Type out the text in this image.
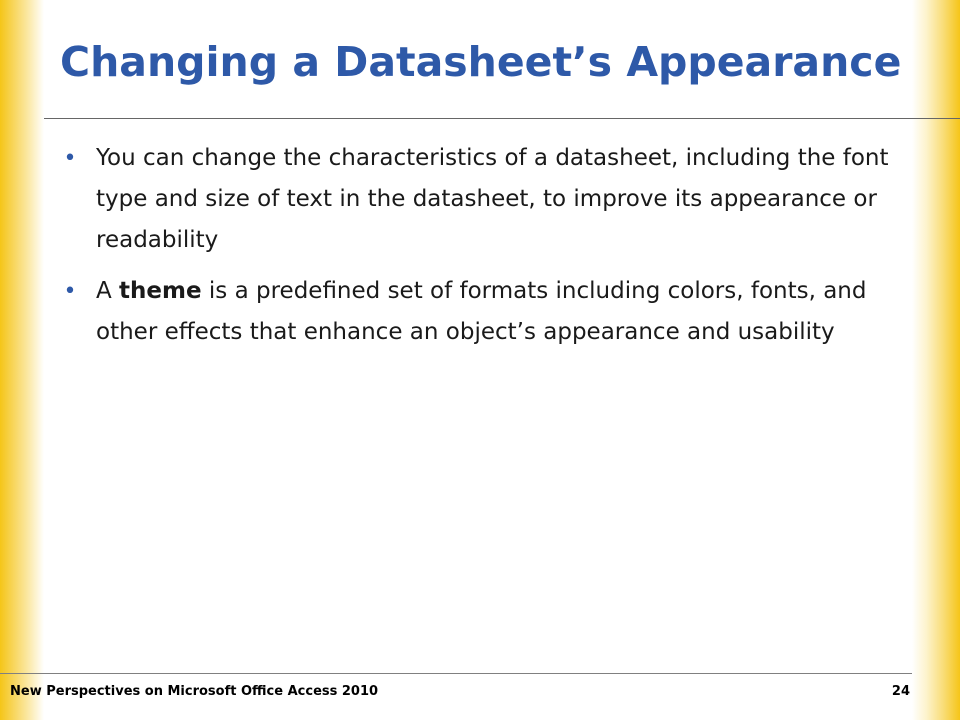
Changing a Datasheet’s Appearance
• You can change the characteristics of a datasheet, including the font type and size of text in the datasheet, to improve its appearance or readability
• A theme is a predefined set of formats including colors, fonts, and other effects that enhance an object’s appearance and usability
New Perspectives on Microsoft Office Access 2010	24
